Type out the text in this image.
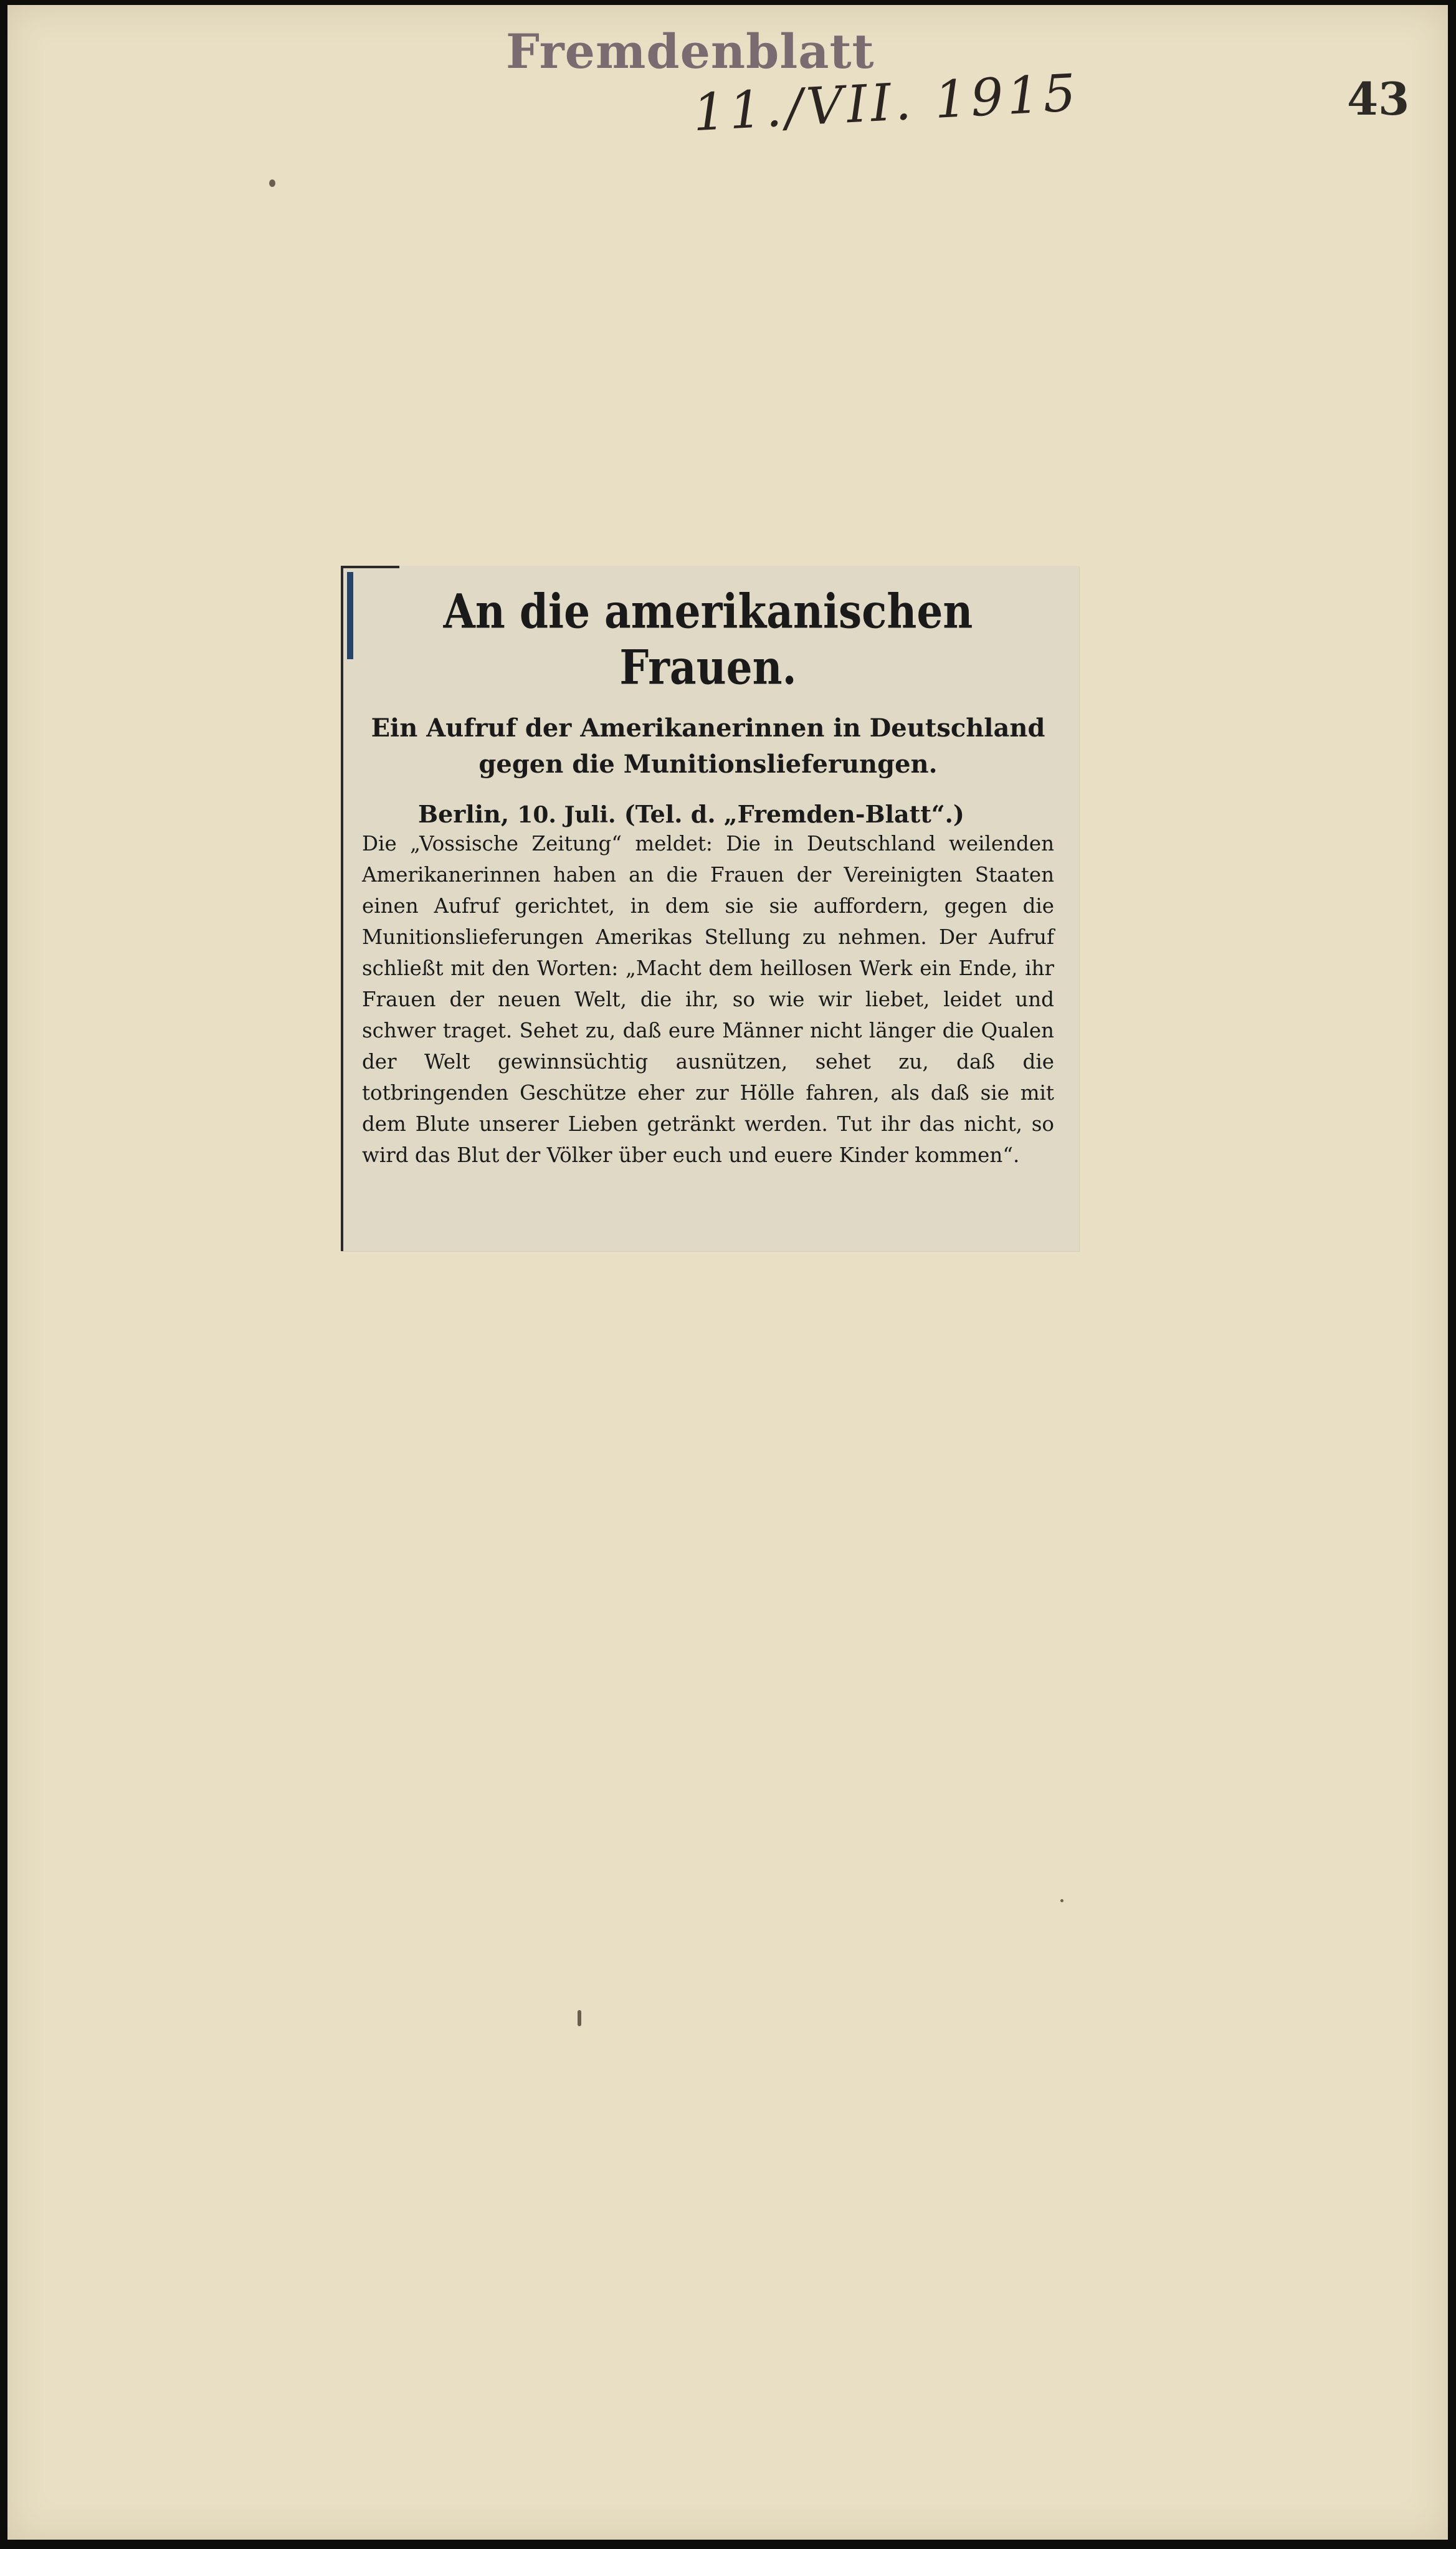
Fremdenblatt
11./VII. 1915	43
An die amerikanischen Frauen.
Ein Aufruf der Amerikanerinnen in Deutschland
gegen die Munitionslieferungen.
Berlin, 10. Juli. (Tel. d. „Fremden-Blatt“.)

Die „Vossische Zeitung“ meldet: Die in Deutschland weilenden Amerikanerinnen haben an die Frauen der Vereinigten Staaten einen Aufruf gerichtet, in dem sie sie auffordern, gegen die Munitionslieferungen Amerikas Stellung zu nehmen. Der Aufruf schließt mit den Worten: „Macht dem heillosen Werk ein Ende, ihr Frauen der neuen Welt, die ihr, so wie wir liebet, leidet und schwer traget. Sehet zu, daß eure Männer nicht länger die Qualen der Welt gewinnsüchtig ausnützen, sehet zu, daß die totbringenden Geschütze eher zur Hölle fahren, als daß sie mit dem Blute unserer Lieben getränkt werden. Tut ihr das nicht, so wird das Blut der Völker über euch und euere Kinder kommen“.
